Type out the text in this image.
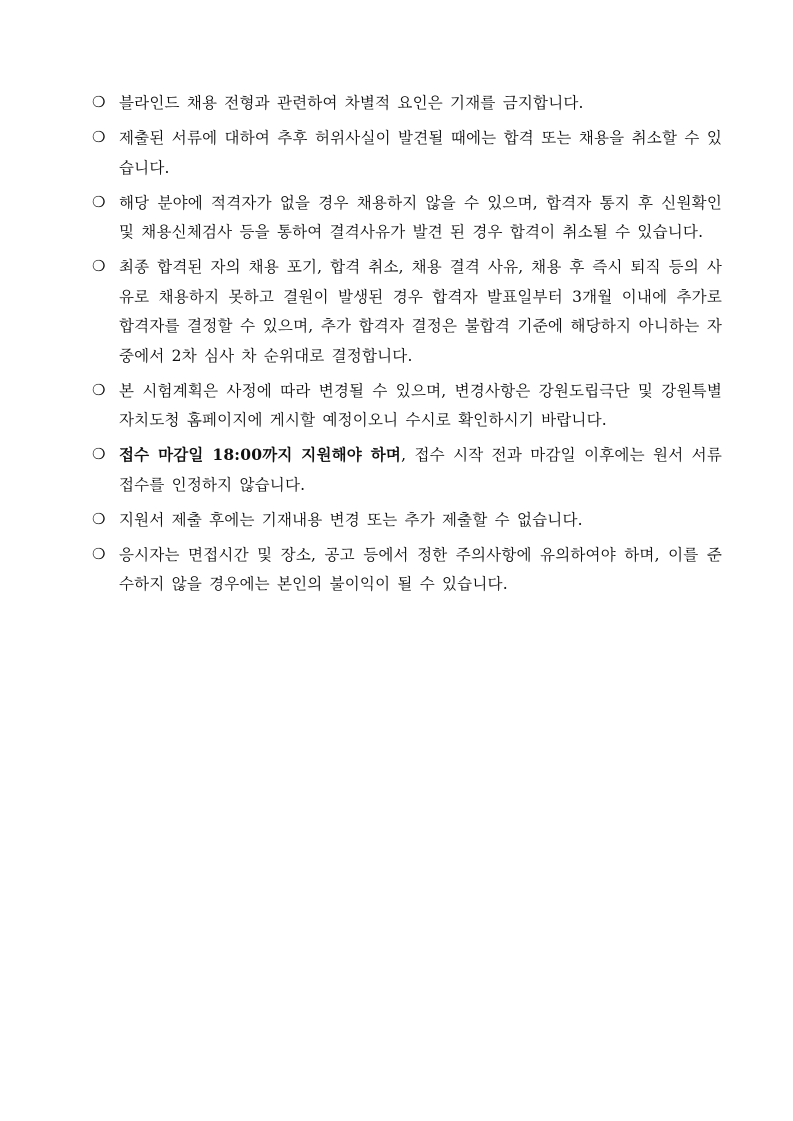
❍ 블라인드 채용 전형과 관련하여 차별적 요인은 기재를 금지합니다.
❍ 제출된 서류에 대하여 추후 허위사실이 발견될 때에는 합격 또는 채용을 취소할 수 있습니다.
❍ 해당 분야에 적격자가 없을 경우 채용하지 않을 수 있으며, 합격자 통지 후 신원확인 및 채용신체검사 등을 통하여 결격사유가 발견 된 경우 합격이 취소될 수 있습니다.
❍ 최종 합격된 자의 채용 포기, 합격 취소, 채용 결격 사유, 채용 후 즉시 퇴직 등의 사유로 채용하지 못하고 결원이 발생된 경우 합격자 발표일부터 3개월 이내에 추가로 합격자를 결정할 수 있으며, 추가 합격자 결정은 불합격 기준에 해당하지 아니하는 자 중에서 2차 심사 차 순위대로 결정합니다.
❍ 본 시험계획은 사정에 따라 변경될 수 있으며, 변경사항은 강원도립극단 및 강원특별자치도청 홈페이지에 게시할 예정이오니 수시로 확인하시기 바랍니다.
❍ 접수 마감일 18:00까지 지원해야 하며, 접수 시작 전과 마감일 이후에는 원서 서류 접수를 인정하지 않습니다.
❍ 지원서 제출 후에는 기재내용 변경 또는 추가 제출할 수 없습니다.
❍ 응시자는 면접시간 및 장소, 공고 등에서 정한 주의사항에 유의하여야 하며, 이를 준수하지 않을 경우에는 본인의 불이익이 될 수 있습니다.
